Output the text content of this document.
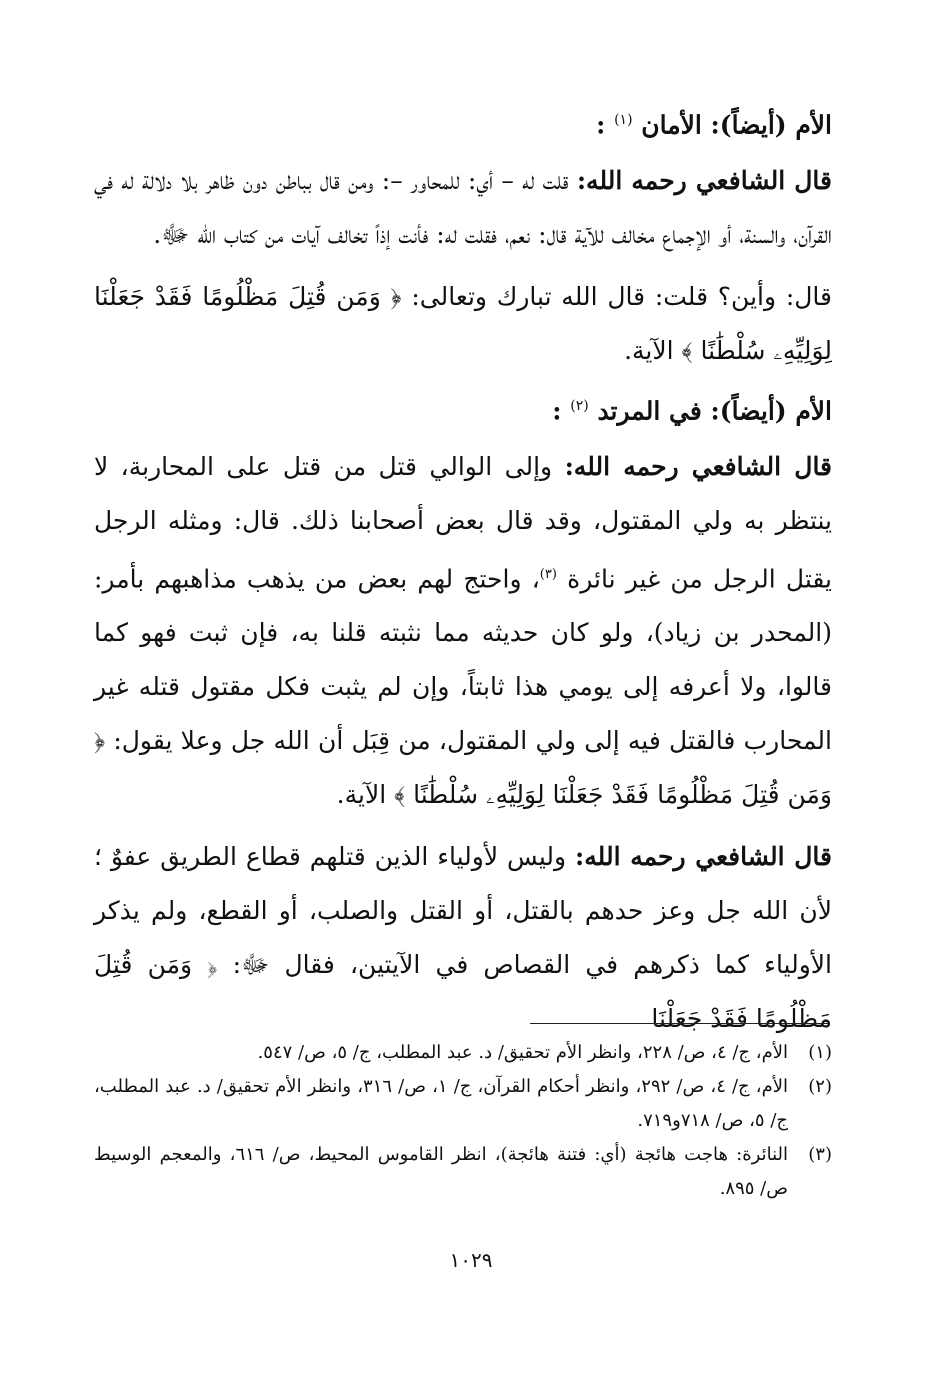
الأم (أيضاً): الأمان $^{(١)}$ :

قال الشافعي رحمه الله: قلت له – أي: للمحاور –: ومن قال بباطن دون ظاهر بلا دلالة له في القرآن، والسنة، أو الإجماع مخالف للآية قال: نعم، فقلت له: فأنت إذاً تخالف آيات من كتاب الله ﷻ.

قال: وأين؟ قلت: قال الله تبارك وتعالى: ﴿ وَمَن قُتِلَ مَظْلُومًا فَقَدْ جَعَلْنَا لِوَلِيِّهِۦ سُلْطَٰنًا ﴾ الآية.

الأم (أيضاً): في المرتد $^{(٢)}$ :

قال الشافعي رحمه الله: وإلى الوالي قتل من قتل على المحاربة، لا ينتظر به ولي المقتول، وقد قال بعض أصحابنا ذلك. قال: ومثله الرجل يقتل الرجل من غير نائرة $^{(٣)}$، واحتج لهم بعض من يذهب مذاهبهم بأمر: (المحدر بن زياد)، ولو كان حديثه مما نثبته قلنا به، فإن ثبت فهو كما قالوا، ولا أعرفه إلى يومي هذا ثابتاً، وإن لم يثبت فكل مقتول قتله غير المحارب فالقتل فيه إلى ولي المقتول، من قِبَل أن الله جل وعلا يقول: ﴿ وَمَن قُتِلَ مَظْلُومًا فَقَدْ جَعَلْنَا لِوَلِيِّهِۦ سُلْطَٰنًا ﴾ الآية.

قال الشافعي رحمه الله: وليس لأولياء الذين قتلهم قطاع الطريق عفوٌ ؛ لأن الله جل وعز حدهم بالقتل، أو القتل والصلب، أو القطع، ولم يذكر الأولياء كما ذكرهم في القصاص في الآيتين، فقال ﷻ: ﴿ وَمَن قُتِلَ مَظْلُومًا فَقَدْ جَعَلْنَا

(١)
الأم، ج/ ٤، ص/ ٢٢٨، وانظر الأم تحقيق/ د. عبد المطلب، ج/ ٥، ص/ ٥٤٧.
(٢)
الأم، ج/ ٤، ص/ ٢٩٢، وانظر أحكام القرآن، ج/ ١، ص/ ٣١٦، وانظر الأم تحقيق/ د. عبد المطلب، ج/ ٥، ص/ ٧١٨و٧١٩.
(٣)
النائرة: هاجت هائجة (أي: فتنة هائجة)، انظر القاموس المحيط، ص/ ٦١٦، والمعجم الوسيط ص/ ٨٩٥.
١٠٢٩
